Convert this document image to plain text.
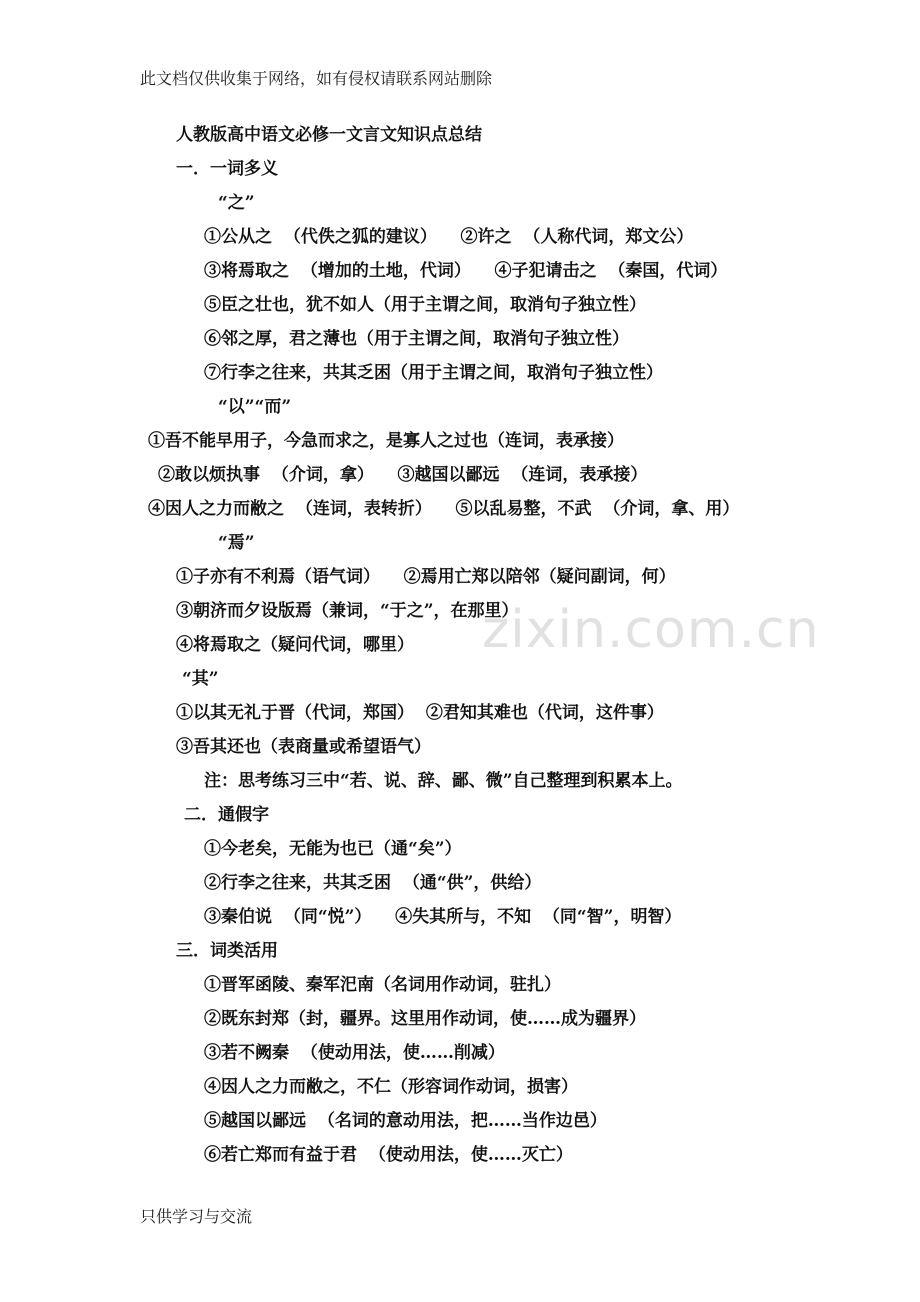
此文档仅供收集于网络，如有侵权请联系网站删除
zixin.com.cn
人教版高中语文必修一文言文知识点总结
一．一词多义
“之”
①公从之  （代佚之狐的建议）    ②许之  （人称代词，郑文公）
③将焉取之  （增加的土地，代词）    ④子犯请击之  （秦国，代词）
⑤臣之壮也，犹不如人（用于主谓之间，取消句子独立性）
⑥邻之厚，君之薄也（用于主谓之间，取消句子独立性）
⑦行李之往来，共其乏困（用于主谓之间，取消句子独立性）
“以”“而”
①吾不能早用子，今急而求之，是寡人之过也（连词，表承接）
②敢以烦执事  （介词，拿）    ③越国以鄙远  （连词，表承接）
④因人之力而敝之  （连词，表转折）    ⑤以乱易整，不武  （介词，拿、用）
“焉”
①子亦有不利焉（语气词）    ②焉用亡郑以陪邻（疑问副词，何）
③朝济而夕设版焉（兼词，“于之”，在那里）
④将焉取之（疑问代词，哪里）
“其”
①以其无礼于晋（代词，郑国）  ②君知其难也（代词，这件事）
③吾其还也（表商量或希望语气）
注：思考练习三中“若、说、辞、鄙、微”自己整理到积累本上。
二．通假字
①今老矣，无能为也已（通“矣”）
②行李之往来，共其乏困  （通“供”，供给）
③秦伯说  （同“悦”）    ④失其所与，不知  （同“智”，明智）
三．词类活用
①晋军函陵、秦军汜南（名词用作动词，驻扎）
②既东封郑（封，疆界。这里用作动词，使……成为疆界）
③若不阙秦  （使动用法，使……削减）
④因人之力而敝之，不仁（形容词作动词，损害）
⑤越国以鄙远  （名词的意动用法，把……当作边邑）
⑥若亡郑而有益于君  （使动用法，使……灭亡）
只供学习与交流
